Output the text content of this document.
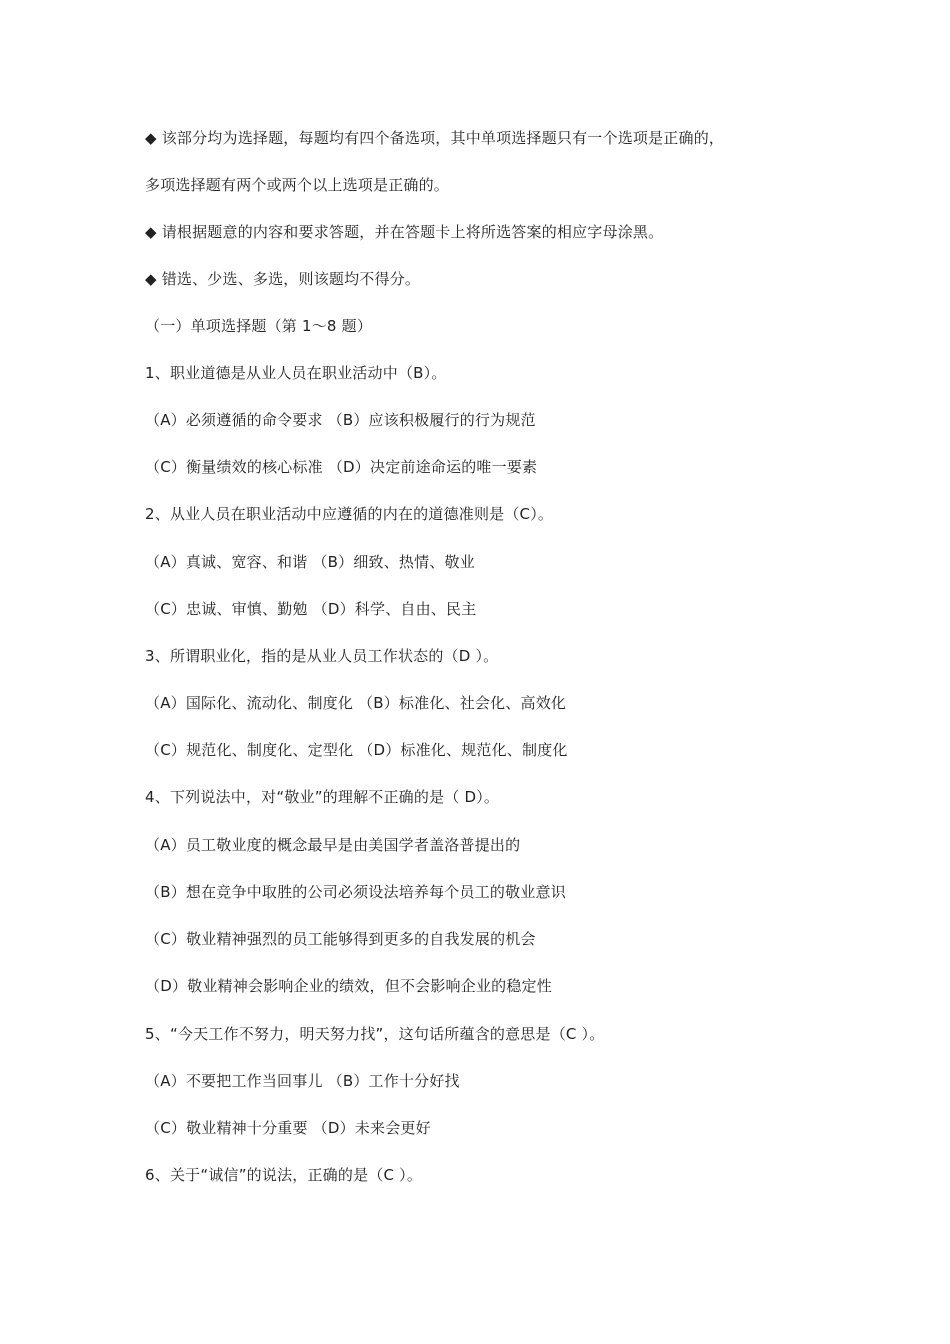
◆ 该部分均为选择题，每题均有四个备选项，其中单项选择题只有一个选项是正确的，
多项选择题有两个或两个以上选项是正确的。
◆ 请根据题意的内容和要求答题，并在答题卡上将所选答案的相应字母涂黑。
◆ 错选、少选、多选，则该题均不得分。
（一）单项选择题（第 1～8 题）
1、职业道德是从业人员在职业活动中（B）。
（A）必须遵循的命令要求 （B）应该积极履行的行为规范
（C）衡量绩效的核心标准 （D）决定前途命运的唯一要素
2、从业人员在职业活动中应遵循的内在的道德准则是（C）。
（A）真诚、宽容、和谐 （B）细致、热情、敬业
（C）忠诚、审慎、勤勉 （D）科学、自由、民主
3、所谓职业化，指的是从业人员工作状态的（D ）。
（A）国际化、流动化、制度化 （B）标准化、社会化、高效化
（C）规范化、制度化、定型化 （D）标准化、规范化、制度化
4、下列说法中，对“敬业”的理解不正确的是（ D）。
（A）员工敬业度的概念最早是由美国学者盖洛普提出的
（B）想在竞争中取胜的公司必须设法培养每个员工的敬业意识
（C）敬业精神强烈的员工能够得到更多的自我发展的机会
（D）敬业精神会影响企业的绩效，但不会影响企业的稳定性
5、“今天工作不努力，明天努力找”，这句话所蕴含的意思是（C ）。
（A）不要把工作当回事儿 （B）工作十分好找
（C）敬业精神十分重要 （D）未来会更好
6、关于“诚信”的说法，正确的是（C ）。
